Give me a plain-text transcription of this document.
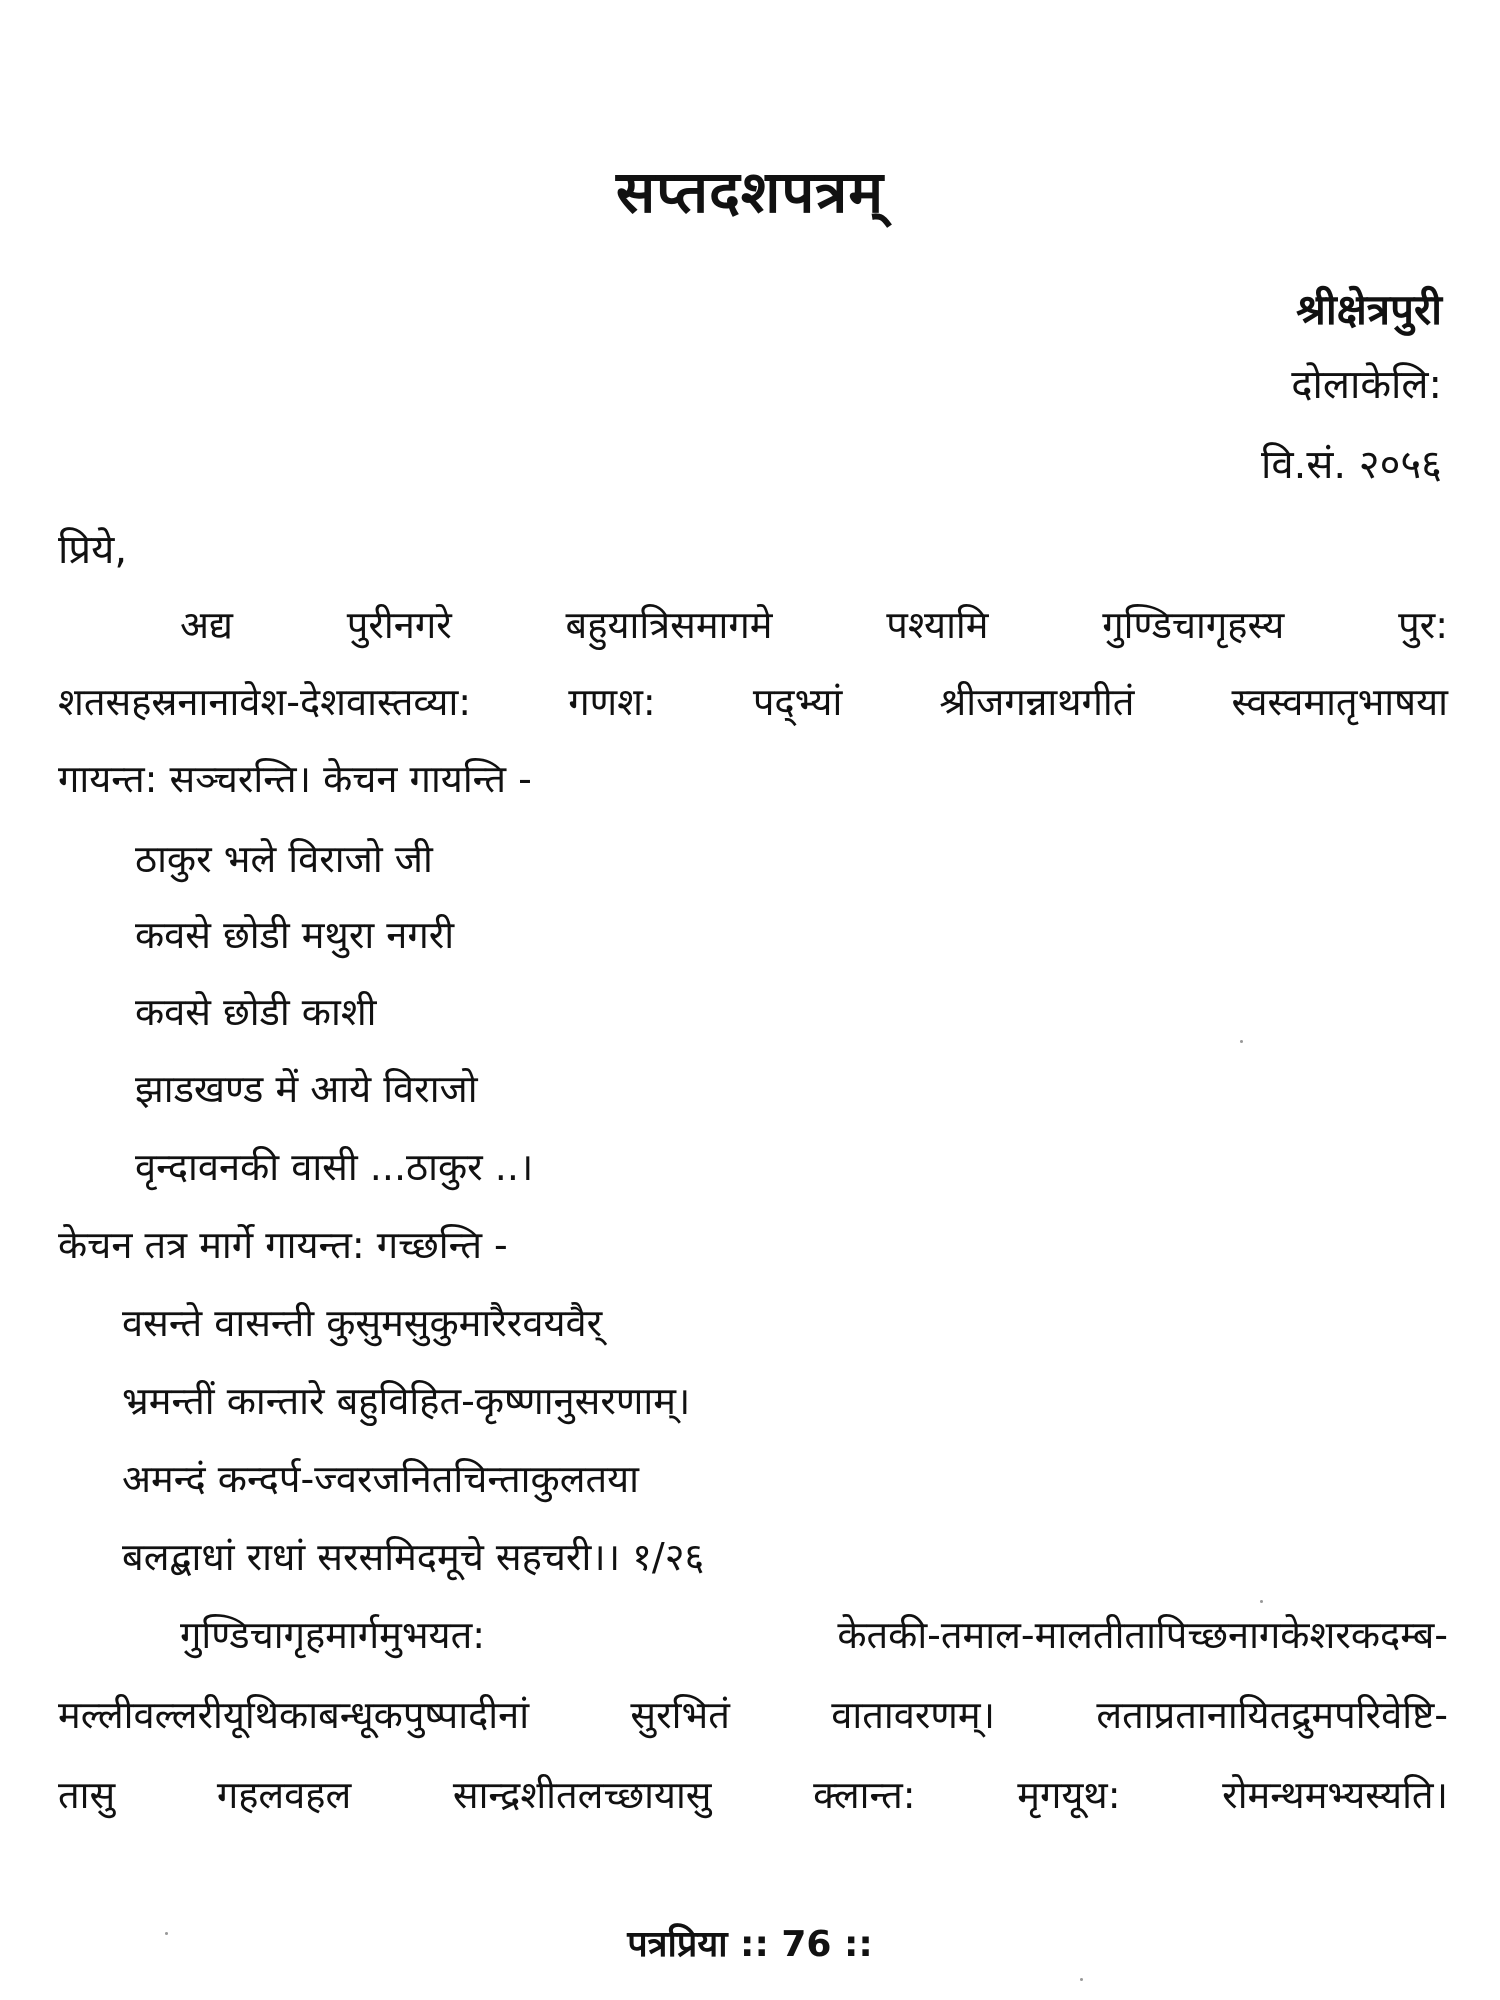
सप्तदशपत्रम्
श्रीक्षेत्रपुरी
दोलाकेलि:
वि.सं. २०५६
प्रिये,
अद्य पुरीनगरे बहुयात्रिसमागमे पश्यामि गुण्डिचागृहस्य पुर:
शतसहस्रनानावेश-देशवास्तव्या: गणश: पद्भ्यां श्रीजगन्नाथगीतं स्वस्वमातृभाषया
गायन्त: सञ्चरन्ति। केचन गायन्ति -
ठाकुर भले विराजो जी
कवसे छोडी मथुरा नगरी
कवसे छोडी काशी
झाडखण्ड में आये विराजो
वृन्दावनकी वासी ...ठाकुर ..।
केचन तत्र मार्गे गायन्त: गच्छन्ति -
वसन्ते वासन्ती कुसुमसुकुमारैरवयवैर्
भ्रमन्तीं कान्तारे बहुविहित-कृष्णानुसरणाम्।
अमन्दं कन्दर्प-ज्वरजनितचिन्ताकुलतया
बलद्बाधां राधां सरसमिदमूचे सहचरी।। १/२६
गुण्डिचागृहमार्गमुभयत: केतकी-तमाल-मालतीतापिच्छनागकेशरकदम्ब-
मल्लीवल्लरीयूथिकाबन्धूकपुष्पादीनां सुरभितं वातावरणम्। लताप्रतानायितद्रुमपरिवेष्टि-
तासु गहलवहल सान्द्रशीतलच्छायासु क्लान्त: मृगयूथ: रोमन्थमभ्यस्यति।
पत्रप्रिया :: 76 ::
